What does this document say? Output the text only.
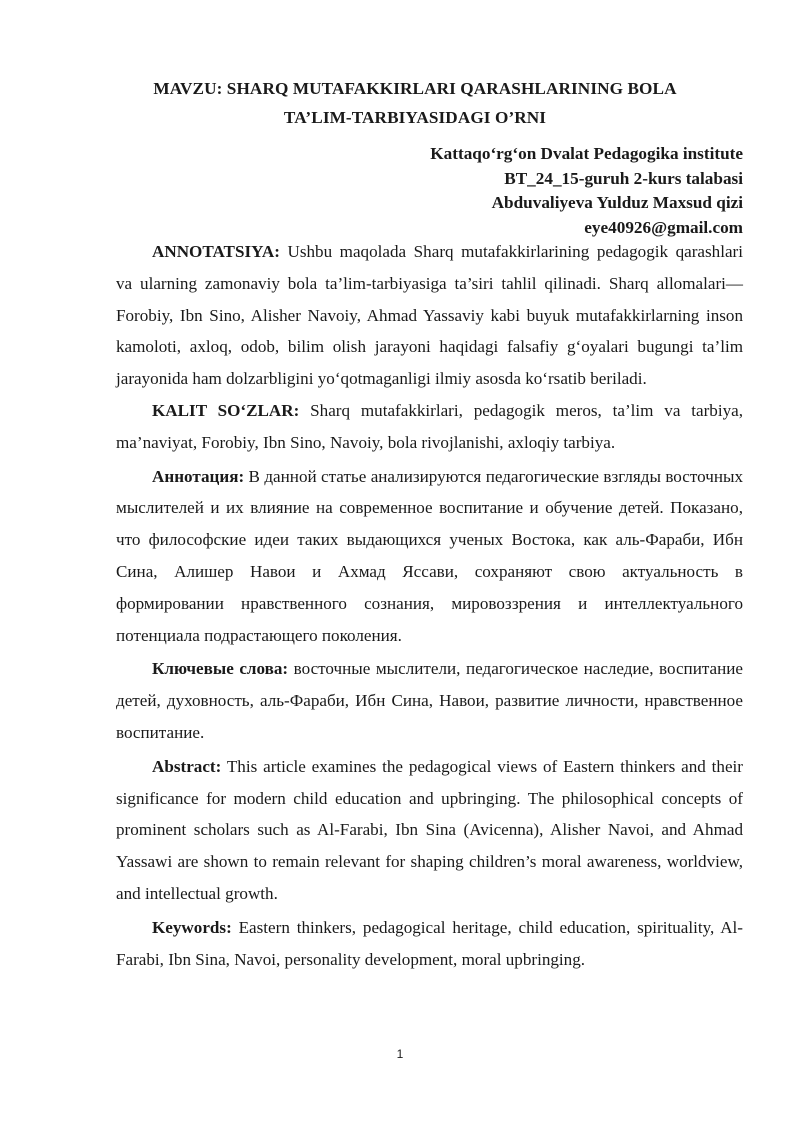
MAVZU: SHARQ MUTAFAKKIRLARI QARASHLARINING BOLA
TA’LIM-TARBIYASIDAGI O’RNI
Kattaqo‘rg‘on Dvalat Pedagogika institute
BT_24_15-guruh 2-kurs talabasi
Abduvaliyeva Yulduz Maxsud qizi
eye40926@gmail.com

ANNOTATSIYA: Ushbu maqolada Sharq mutafakkirlarining pedagogik qarashlari va ularning zamonaviy bola ta’lim-tarbiyasiga ta’siri tahlil qilinadi. Sharq allomalari—Forobiy, Ibn Sino, Alisher Navoiy, Ahmad Yassaviy kabi buyuk mutafakkirlarning inson kamoloti, axloq, odob, bilim olish jarayoni haqidagi falsafiy g‘oyalari bugungi ta’lim jarayonida ham dolzarbligini yo‘qotmaganligi ilmiy asosda ko‘rsatib beriladi.

KALIT SO‘ZLAR: Sharq mutafakkirlari, pedagogik meros, ta’lim va tarbiya, ma’naviyat, Forobiy, Ibn Sino, Navoiy, bola rivojlanishi, axloqiy tarbiya.

Аннотация: В данной статье анализируются педагогические взгляды восточных мыслителей и их влияние на современное воспитание и обучение детей. Показано, что философские идеи таких выдающихся ученых Востока, как аль-Фараби, Ибн Сина, Алишер Навои и Ахмад Яссави, сохраняют свою актуальность в формировании нравственного сознания, мировоззрения и интеллектуального потенциала подрастающего поколения.

Ключевые слова: восточные мыслители, педагогическое наследие, воспитание детей, духовность, аль-Фараби, Ибн Сина, Навои, развитие личности, нравственное воспитание.

Abstract: This article examines the pedagogical views of Eastern thinkers and their significance for modern child education and upbringing. The philosophical concepts of prominent scholars such as Al-Farabi, Ibn Sina (Avicenna), Alisher Navoi, and Ahmad Yassawi are shown to remain relevant for shaping children’s moral awareness, worldview, and intellectual growth.

Keywords: Eastern thinkers, pedagogical heritage, child education, spirituality, Al-Farabi, Ibn Sina, Navoi, personality development, moral upbringing.

1
